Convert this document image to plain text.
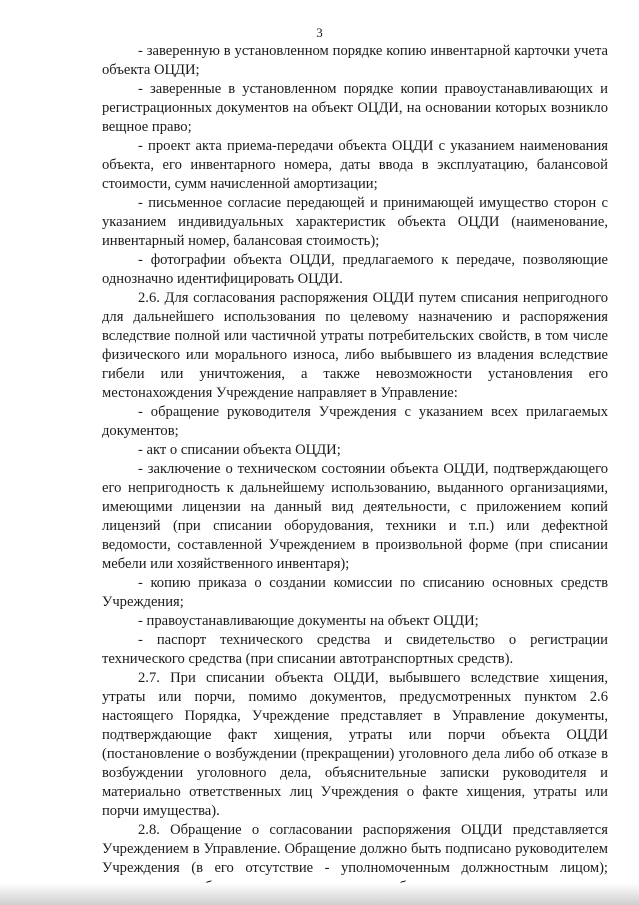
3

- заверенную в установленном порядке копию инвентарной карточки учета объекта ОЦДИ;

- заверенные в установленном порядке копии правоустанавливающих и регистрационных документов на объект ОЦДИ, на основании которых возникло вещное право;

- проект акта приема-передачи объекта ОЦДИ с указанием наименования объекта, его инвентарного номера, даты ввода в эксплуатацию, балансовой стоимости, сумм начисленной амортизации;

- письменное согласие передающей и принимающей имущество сторон с указанием индивидуальных характеристик объекта ОЦДИ (наименование, инвентарный номер, балансовая стоимость);

- фотографии объекта ОЦДИ, предлагаемого к передаче, позволяющие однозначно идентифицировать ОЦДИ.

2.6. Для согласования распоряжения ОЦДИ путем списания непригодного для дальнейшего использования по целевому назначению и распоряжения вследствие полной или частичной утраты потребительских свойств, в том числе физического или морального износа, либо выбывшего из владения вследствие гибели или уничтожения, а также невозможности установления его местонахождения Учреждение направляет в Управление:

- обращение руководителя Учреждения с указанием всех прилагаемых документов;

- акт о списании объекта ОЦДИ;

- заключение о техническом состоянии объекта ОЦДИ, подтверждающего его непригодность к дальнейшему использованию, выданного организациями, имеющими лицензии на данный вид деятельности, с приложением копий лицензий (при списании оборудования, техники и т.п.) или дефектной ведомости, составленной Учреждением в произвольной форме (при списании мебели или хозяйственного инвентаря);

- копию приказа о создании комиссии по списанию основных средств Учреждения;

- правоустанавливающие документы на объект ОЦДИ;

- паспорт технического средства и свидетельство о регистрации технического средства (при списании автотранспортных средств).

2.7. При списании объекта ОЦДИ, выбывшего вследствие хищения, утраты или порчи, помимо документов, предусмотренных пунктом 2.6 настоящего Порядка, Учреждение представляет в Управление документы, подтверждающие факт хищения, утраты или порчи объекта ОЦДИ (постановление о возбуждении (прекращении) уголовного дела либо об отказе в возбуждении уголовного дела, объяснительные записки руководителя и материально ответственных лиц Учреждения о факте хищения, утраты или порчи имущества).

2.8. Обращение о согласовании распоряжения ОЦДИ представляется Учреждением в Управление. Обращение должно быть подписано руководителем Учреждения (в его отсутствие - уполномоченным должностным лицом);
